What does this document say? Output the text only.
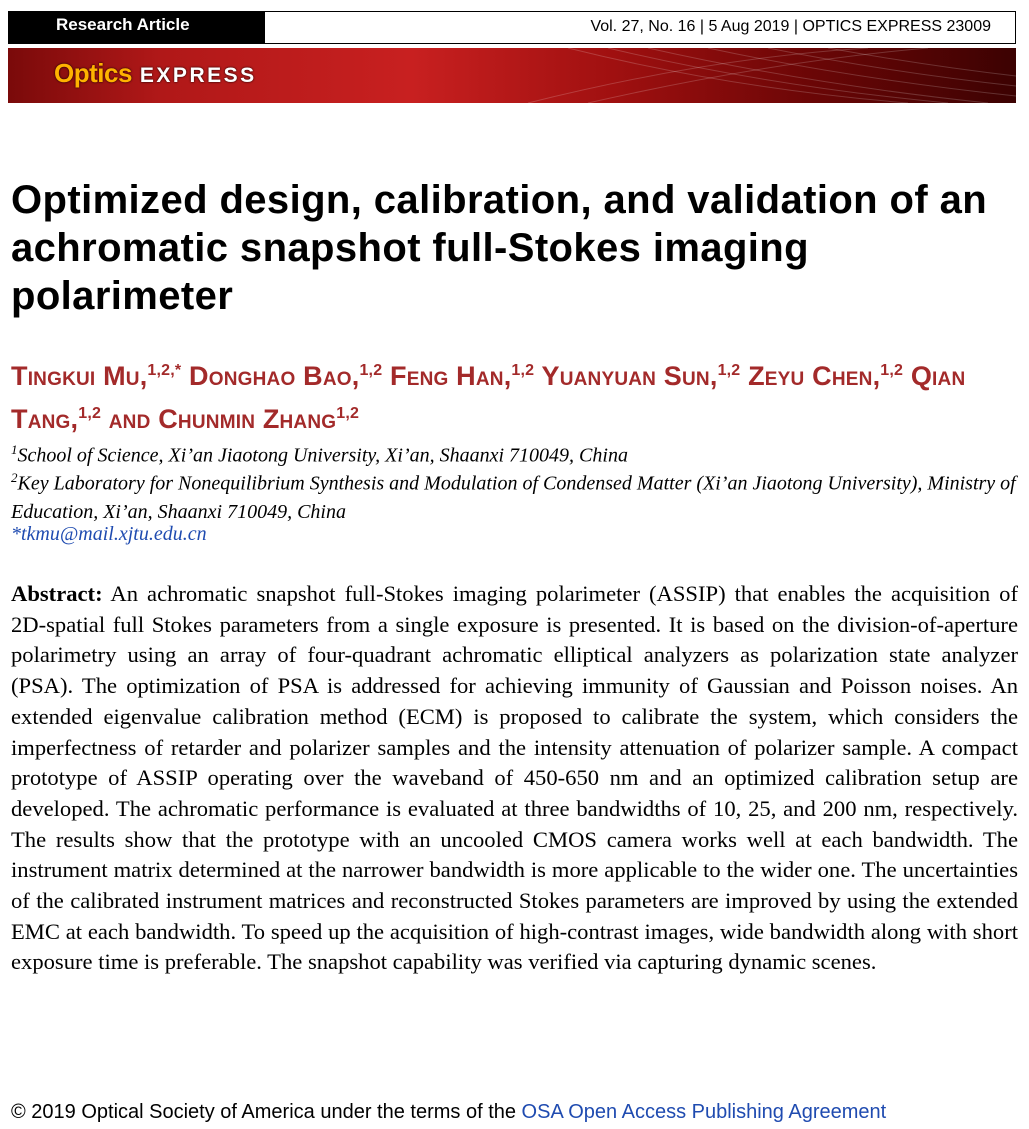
Research Article	Vol. 27, No. 16 | 5 Aug 2019 | OPTICS EXPRESS 23009
Optics EXPRESS
Optimized design, calibration, and validation of an achromatic snapshot full-Stokes imaging polarimeter

Tingkui Mu,$^{1,2,*}$ Donghao Bao,$^{1,2}$ Feng Han,$^{1,2}$ Yuanyuan Sun,$^{1,2}$ Zeyu Chen,$^{1,2}$ Qian Tang,$^{1,2}$ and Chunmin Zhang$^{1,2}$

$^1$School of Science, Xi’an Jiaotong University, Xi’an, Shaanxi 710049, China

$^2$Key Laboratory for Nonequilibrium Synthesis and Modulation of Condensed Matter (Xi’an Jiaotong University), Ministry of Education, Xi’an, Shaanxi 710049, China

*tkmu@mail.xjtu.edu.cn

Abstract: An achromatic snapshot full-Stokes imaging polarimeter (ASSIP) that enables the acquisition of 2D-spatial full Stokes parameters from a single exposure is presented. It is based on the division-of-aperture polarimetry using an array of four-quadrant achromatic elliptical analyzers as polarization state analyzer (PSA). The optimization of PSA is addressed for achieving immunity of Gaussian and Poisson noises. An extended eigenvalue calibration method (ECM) is proposed to calibrate the system, which considers the imperfectness of retarder and polarizer samples and the intensity attenuation of polarizer sample. A compact prototype of ASSIP operating over the waveband of 450-650 nm and an optimized calibration setup are developed. The achromatic performance is evaluated at three bandwidths of 10, 25, and 200 nm, respectively. The results show that the prototype with an uncooled CMOS camera works well at each bandwidth. The instrument matrix determined at the narrower bandwidth is more applicable to the wider one. The uncertainties of the calibrated instrument matrices and reconstructed Stokes parameters are improved by using the extended EMC at each bandwidth. To speed up the acquisition of high-contrast images, wide bandwidth along with short exposure time is preferable. The snapshot capability was verified via capturing dynamic scenes.

© 2019 Optical Society of America under the terms of the OSA Open Access Publishing Agreement
